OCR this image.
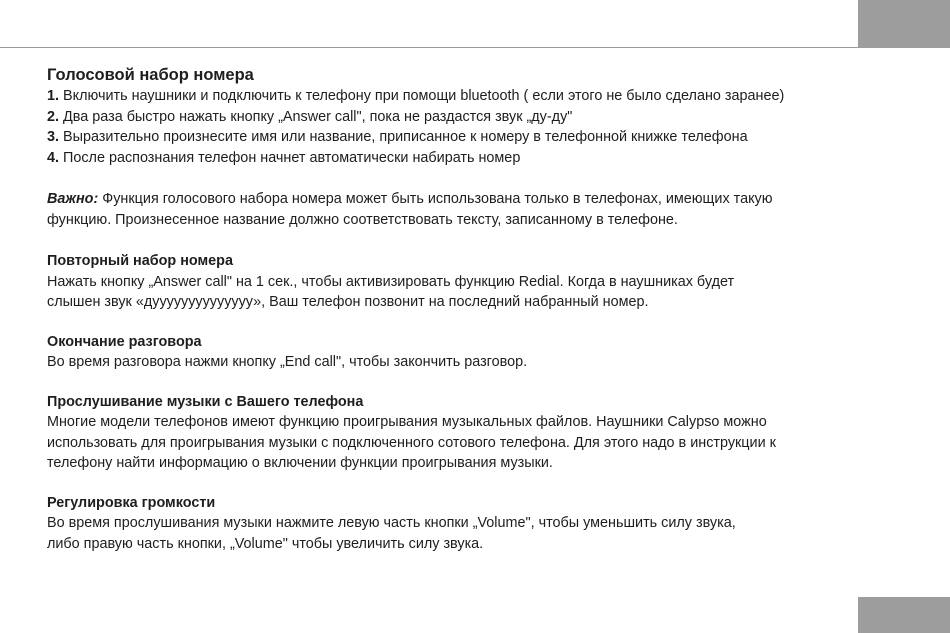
Голосовой набор номера

1. Включить наушники и подключить к телефону при помощи bluetooth ( если этого не было сделано заранее)

2. Два раза быстро нажать кнопку „Answer call", пока не раздастся звук „ду-ду"

3. Выразительно произнесите имя или название, приписанное к номеру в телефонной книжке телефона

4. После распознания телефон начнет автоматически набирать номер

Важно: Функция голосового набора номера может быть использована только в телефонах, имеющих такую

функцию. Произнесенное название должно соответствовать тексту, записанному в телефоне.

Повторный набор номера

Нажать кнопку „Answer call" на 1 сек., чтобы активизировать функцию Redial. Когда в наушниках будет

слышен звук «дуууууууууууууу», Ваш телефон позвонит на последний набранный номер.

Окончание разговора

Во время разговора нажми кнопку „End call", чтобы закончить разговор.

Прослушивание музыки с Вашего телефона

Многие модели телефонов имеют функцию проигрывания музыкальных файлов. Наушники Calypso можно

использовать для проигрывания музыки с подключенного сотового телефона. Для этого надо в инструкции к

телефону найти информацию о включении функции проигрывания музыки.

Регулировка громкости

Во время прослушивания музыки нажмите левую часть кнопки „Volume", чтобы уменьшить силу звука,

либо правую часть кнопки, „Volume" чтобы увеличить силу звука.
